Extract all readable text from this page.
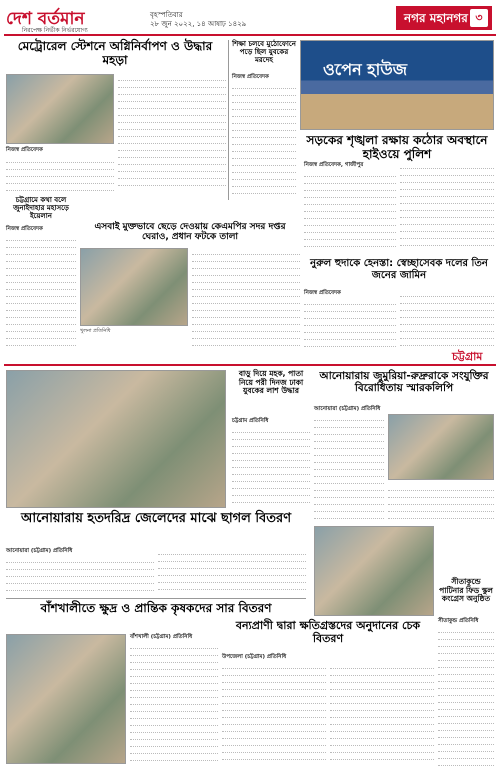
দেশ বর্তমান
নিরপেক্ষ নির্ভীক নির্ভরযোগ্য
বৃহস্পতিবার
২৮ জুন ২০২২, ১৪ আষাঢ় ১৪২৯	নগর মহানগর ৩
মেট্রোরেল স্টেশনে অগ্নিনির্বাপণ ও উদ্ধার মহড়া
নিজস্ব প্রতিবেদক

শিক্ষা চলবে মুঠোফোনে পড়ে ছিল যুবকের মরদেহ
নিজস্ব প্রতিবেদক	ওপেন হাউজ
সড়কের শৃঙ্খলা রক্ষায় কঠোর অবস্থানে হাইওয়ে পুলিশ
চট্টগ্রামে কথা বলে জুনাইদাহার মহাসড়ে ইয়েলান
নিজস্ব প্রতিবেদক	এসবাই মুক্তভাবে ছেড়ে দেওয়ায় কেএমপির সদর দপ্তর ঘেরাও, প্রধান ফটকে তালা
খুলনা প্রতিনিধি

নিজস্ব প্রতিবেদক, গাজীপুর

নুরুল হুদাকে হেনস্তা: স্বেচ্ছাসেবক দলের তিন জনের জামিন
নিজস্ব প্রতিবেদক

চট্টগ্রাম
বাড়ু দিয়ে মহক, পাতা নিয়ে পরী দিনজ ঢাকা যুবকের লাশ উদ্ধার
চট্টগ্রাম প্রতিনিধি

আনোয়ারায় জুমুরিয়া-রুদ্রুরাকে সংযুক্তির বিরোধিতায় স্মারকলিপি
আনোয়ারা (চট্টগ্রাম) প্রতিনিধি

আনোয়ারায় হতদরিদ্র জেলেদের মাঝে ছাগল বিতরণ
আনোয়ারা (চট্টগ্রাম) প্রতিনিধি

সীতাকুন্ডে পাটিনার ফিড স্কুল কংগ্রেস অনুষ্ঠিত
সীতাকুন্ড প্রতিনিধি

বাঁশখালীতে ক্ষুদ্র ও প্রান্তিক কৃষকদের সার বিতরণ
বাঁশখালী (চট্টগ্রাম) প্রতিনিধি

বন্যপ্রাণী দ্বারা ক্ষতিগ্রস্তদের অনুদানের চেক বিতরণ
উপজেলা (চট্টগ্রাম) প্রতিনিধি
